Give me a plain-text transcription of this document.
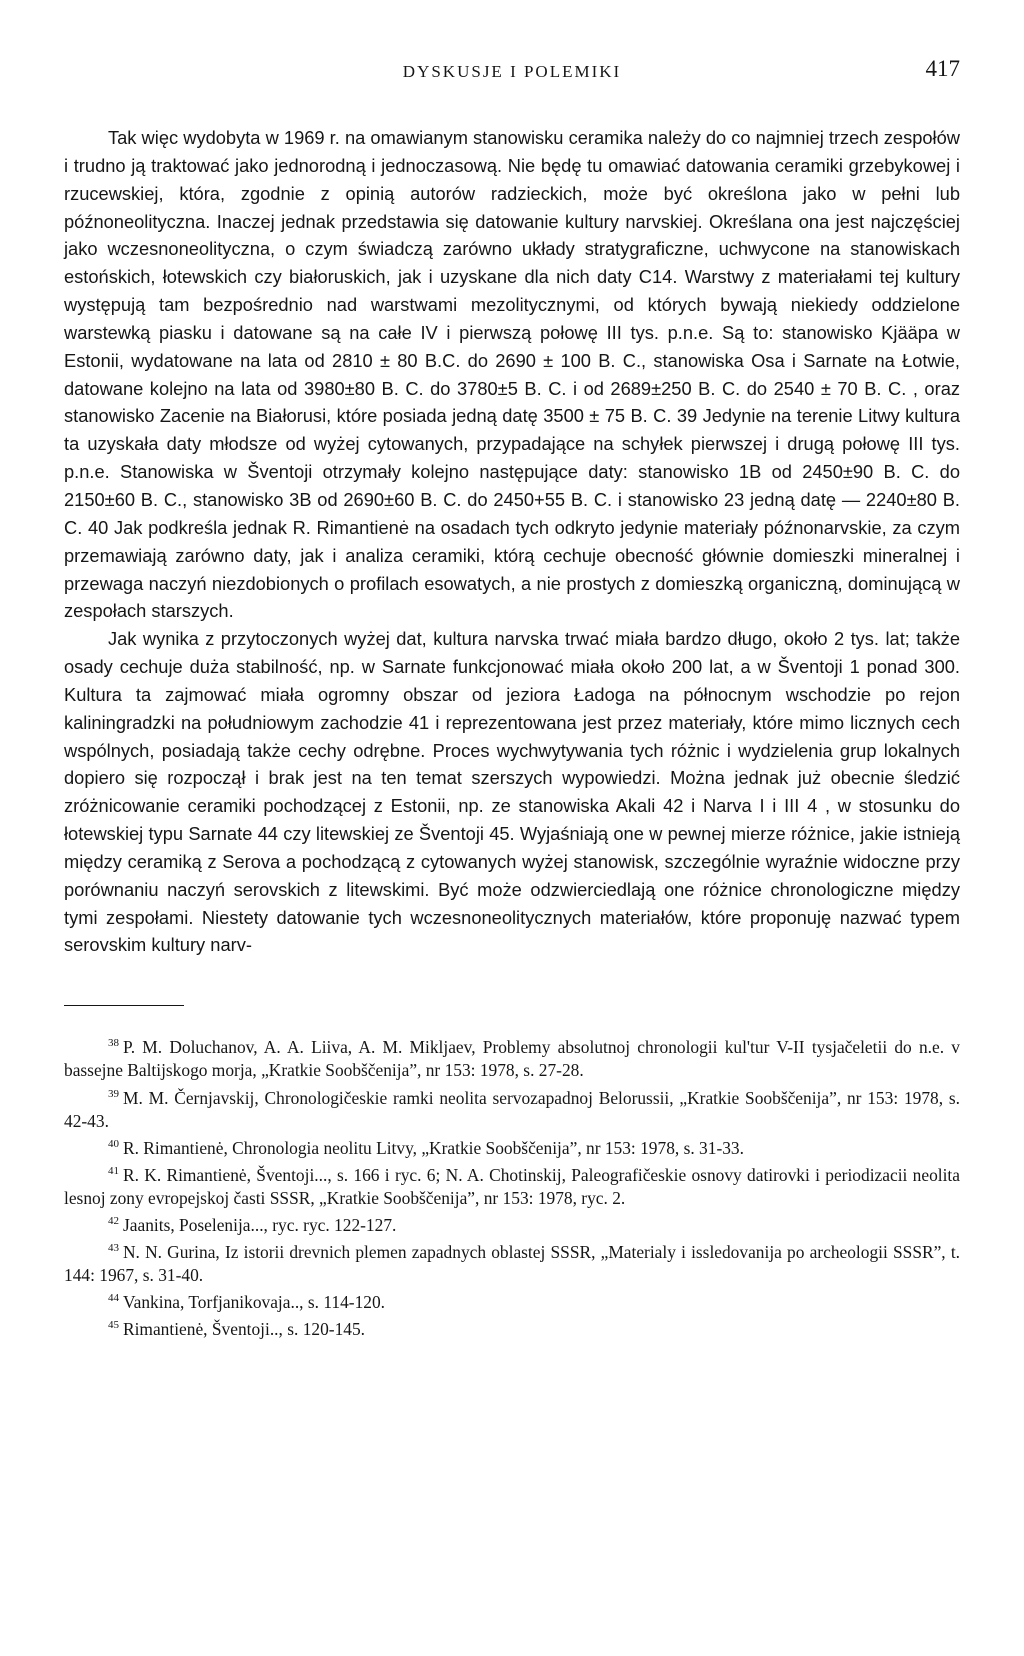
DYSKUSJE I POLEMIKI	417

Tak więc wydobyta w 1969 r. na omawianym stanowisku ceramika należy do co najmniej trzech zespołów i trudno ją traktować jako jednorodną i jednoczasową. Nie będę tu omawiać datowania ceramiki grzebykowej i rzucewskiej, która, zgodnie z opinią autorów radzieckich, może być określona jako w pełni lub późnoneolityczna. Inaczej jednak przedstawia się datowanie kultury narvskiej. Określana ona jest najczęściej jako wczesnoneolityczna, o czym świadczą zarówno układy stratygraficzne, uchwycone na stanowiskach estońskich, łotewskich czy białoruskich, jak i uzyskane dla nich daty C14. Warstwy z materiałami tej kultury występują tam bezpośrednio nad warstwami mezolitycznymi, od których bywają niekiedy oddzielone warstewką piasku i datowane są na całe IV i pierwszą połowę III tys. p.n.e. Są to: stanowisko Kjääpa w Estonii, wydatowane na lata od 2810 ± 80 B.C. do 2690 ± 100 B. C., stanowiska Osa i Sarnate na Łotwie, datowane kolejno na lata od 3980±80 B. C. do 3780±5 B. C. i od 2689±250 B. C. do 2540 ± 70 B. C. , oraz stanowisko Zacenie na Białorusi, które posiada jedną datę 3500 ± 75 B. C. 39 Jedynie na terenie Litwy kultura ta uzyskała daty młodsze od wyżej cytowanych, przypadające na schyłek pierwszej i drugą połowę III tys. p.n.e. Stanowiska w Šventoji otrzymały kolejno następujące daty: stanowisko 1B od 2450±90 B. C. do 2150±60 B. C., stanowisko 3B od 2690±60 B. C. do 2450+55 B. C. i stanowisko 23 jedną datę — 2240±80 B. C. 40 Jak podkreśla jednak R. Rimantienė na osadach tych odkryto jedynie materiały późnonarvskie, za czym przemawiają zarówno daty, jak i analiza ceramiki, którą cechuje obecność głównie domieszki mineralnej i przewaga naczyń niezdobionych o profilach esowatych, a nie prostych z domieszką organiczną, dominującą w zespołach starszych.

Jak wynika z przytoczonych wyżej dat, kultura narvska trwać miała bardzo długo, około 2 tys. lat; także osady cechuje duża stabilność, np. w Sarnate funkcjonować miała około 200 lat, a w Šventoji 1 ponad 300. Kultura ta zajmować miała ogromny obszar od jeziora Ładoga na północnym wschodzie po rejon kaliningradzki na południowym zachodzie 41 i reprezentowana jest przez materiały, które mimo licznych cech wspólnych, posiadają także cechy odrębne. Proces wychwytywania tych różnic i wydzielenia grup lokalnych dopiero się rozpoczął i brak jest na ten temat szerszych wypowiedzi. Można jednak już obecnie śledzić zróżnicowanie ceramiki pochodzącej z Estonii, np. ze stanowiska Akali 42 i Narva I i III 4 , w stosunku do łotewskiej typu Sarnate 44 czy litewskiej ze Šventoji 45. Wyjaśniają one w pewnej mierze różnice, jakie istnieją między ceramiką z Serova a pochodzącą z cytowanych wyżej stanowisk, szczególnie wyraźnie widoczne przy porównaniu naczyń serovskich z litewskimi. Być może odzwierciedlają one różnice chronologiczne między tymi zespołami. Niestety datowanie tych wczesnoneolitycznych materiałów, które proponuję nazwać typem serovskim kultury narv-

$^{38}$ P. M. Doluchanov, A. A. Liiva, A. M. Mikljaev, Problemy absolutnoj chronologii kul'tur V-II tysjačeletii do n.e. v bassejne Baltijskogo morja, „Kratkie Soobščenija”, nr 153: 1978, s. 27-28.

$^{39}$ M. M. Černjavskij, Chronologičeskie ramki neolita servozapadnoj Belorussii, „Kratkie Soobščenija”, nr 153: 1978, s. 42-43.

$^{40}$ R. Rimantienė, Chronologia neolitu Litvy, „Kratkie Soobščenija”, nr 153: 1978, s. 31-33.

$^{41}$ R. K. Rimantienė, Šventoji..., s. 166 i ryc. 6; N. A. Chotinskij, Paleografičeskie osnovy datirovki i periodizacii neolita lesnoj zony evropejskoj časti SSSR, „Kratkie Soobščenija”, nr 153: 1978, ryc. 2.

$^{42}$ Jaanits, Poselenija..., ryc. ryc. 122-127.

$^{43}$ N. N. Gurina, Iz istorii drevnich plemen zapadnych oblastej SSSR, „Materialy i issledovanija po archeologii SSSR”, t. 144: 1967, s. 31-40.

$^{44}$ Vankina, Torfjanikovaja.., s. 114-120.

$^{45}$ Rimantienė, Šventoji.., s. 120-145.
